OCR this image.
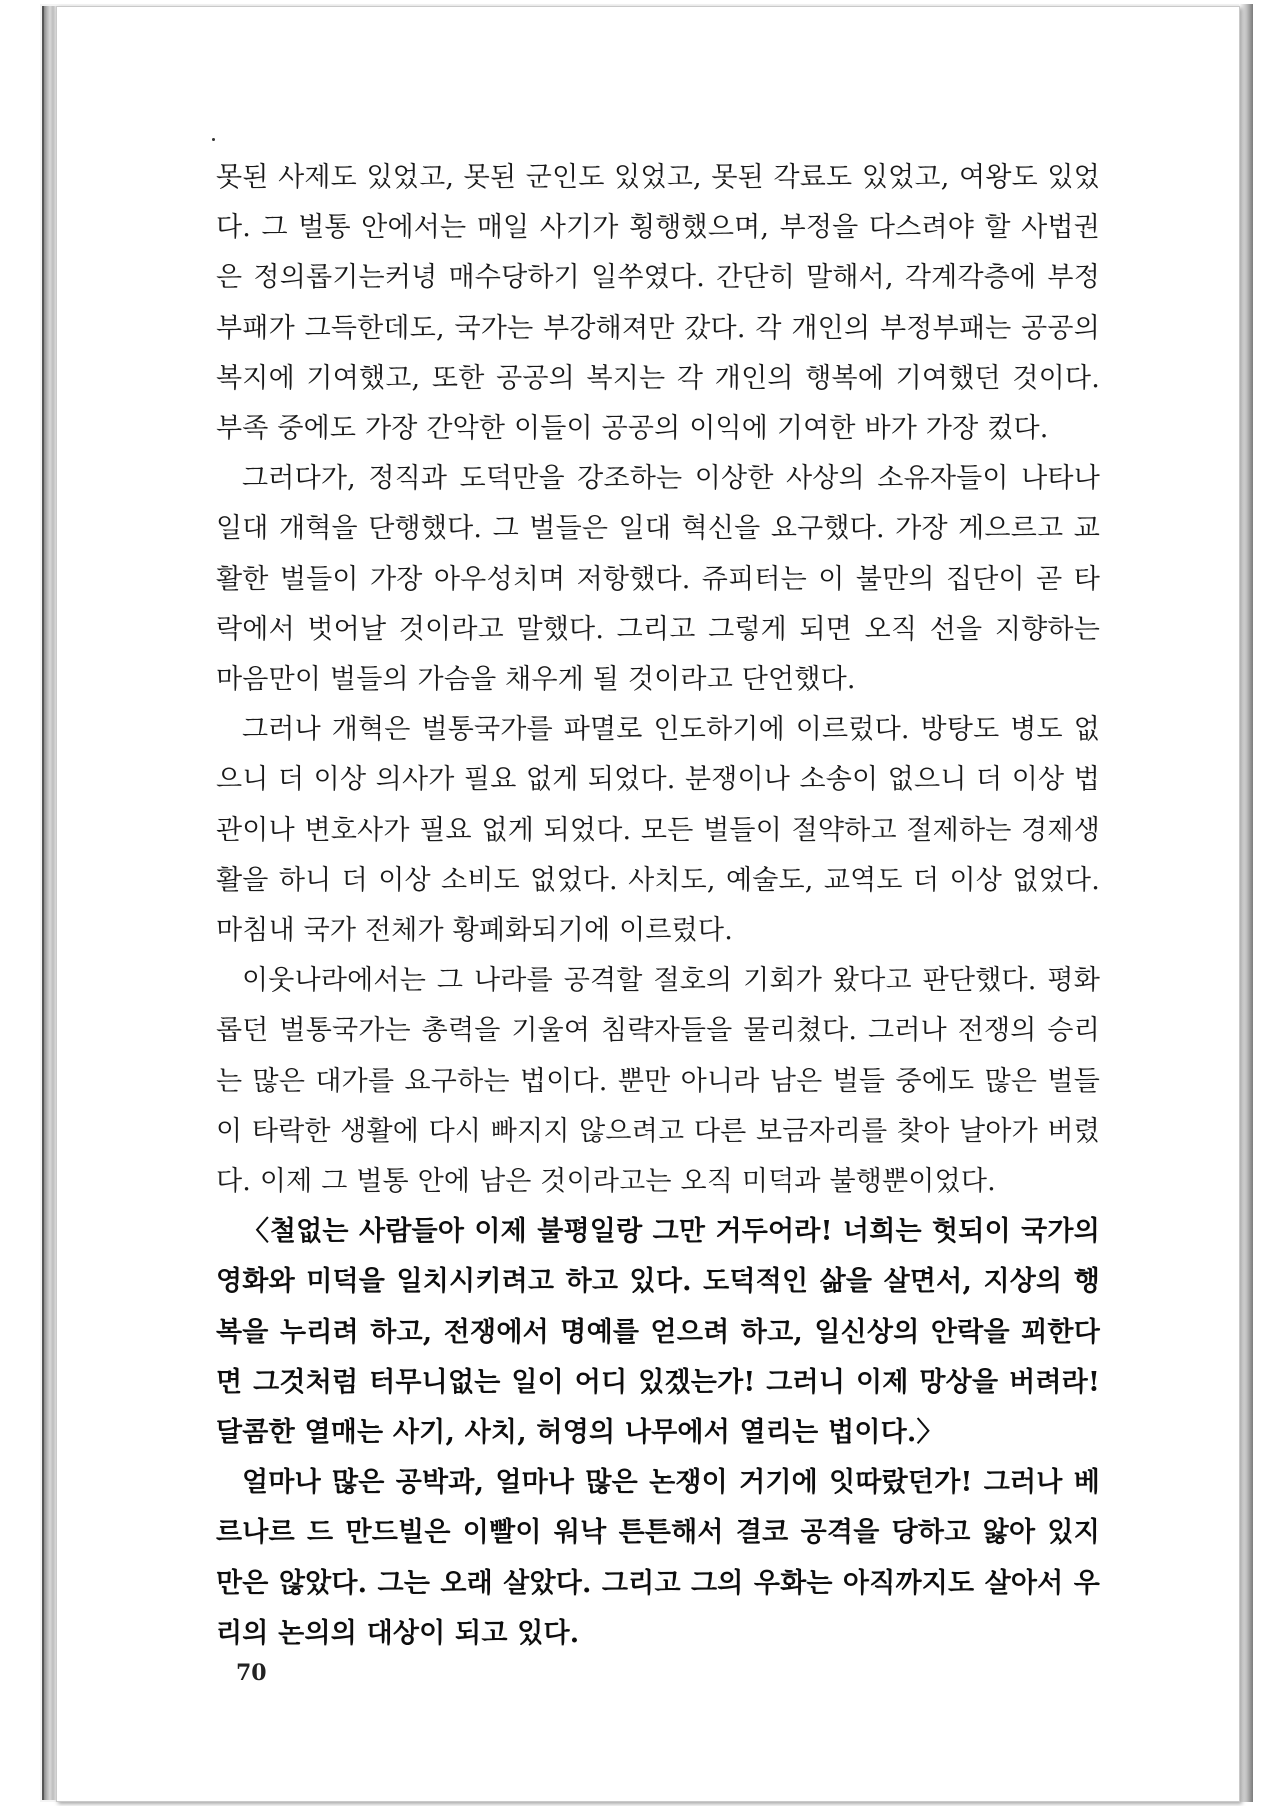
못된 사제도 있었고, 못된 군인도 있었고, 못된 각료도 있었고, 여왕도 있었다. 그 벌통 안에서는 매일 사기가 횡행했으며, 부정을 다스려야 할 사법권은 정의롭기는커녕 매수당하기 일쑤였다. 간단히 말해서, 각계각층에 부정부패가 그득한데도, 국가는 부강해져만 갔다. 각 개인의 부정부패는 공공의 복지에 기여했고, 또한 공공의 복지는 각 개인의 행복에 기여했던 것이다. 부족 중에도 가장 간악한 이들이 공공의 이익에 기여한 바가 가장 컸다.

그러다가, 정직과 도덕만을 강조하는 이상한 사상의 소유자들이 나타나 일대 개혁을 단행했다. 그 벌들은 일대 혁신을 요구했다. 가장 게으르고 교활한 벌들이 가장 아우성치며 저항했다. 쥬피터는 이 불만의 집단이 곧 타락에서 벗어날 것이라고 말했다. 그리고 그렇게 되면 오직 선을 지향하는 마음만이 벌들의 가슴을 채우게 될 것이라고 단언했다.

그러나 개혁은 벌통국가를 파멸로 인도하기에 이르렀다. 방탕도 병도 없으니 더 이상 의사가 필요 없게 되었다. 분쟁이나 소송이 없으니 더 이상 법관이나 변호사가 필요 없게 되었다. 모든 벌들이 절약하고 절제하는 경제생활을 하니 더 이상 소비도 없었다. 사치도, 예술도, 교역도 더 이상 없었다. 마침내 국가 전체가 황폐화되기에 이르렀다.

이웃나라에서는 그 나라를 공격할 절호의 기회가 왔다고 판단했다. 평화롭던 벌통국가는 총력을 기울여 침략자들을 물리쳤다. 그러나 전쟁의 승리는 많은 대가를 요구하는 법이다. 뿐만 아니라 남은 벌들 중에도 많은 벌들이 타락한 생활에 다시 빠지지 않으려고 다른 보금자리를 찾아 날아가 버렸다. 이제 그 벌통 안에 남은 것이라고는 오직 미덕과 불행뿐이었다.

〈철없는 사람들아 이제 불평일랑 그만 거두어라! 너희는 헛되이 국가의 영화와 미덕을 일치시키려고 하고 있다. 도덕적인 삶을 살면서, 지상의 행복을 누리려 하고, 전쟁에서 명예를 얻으려 하고, 일신상의 안락을 꾀한다면 그것처럼 터무니없는 일이 어디 있겠는가! 그러니 이제 망상을 버려라! 달콤한 열매는 사기, 사치, 허영의 나무에서 열리는 법이다.〉

얼마나 많은 공박과, 얼마나 많은 논쟁이 거기에 잇따랐던가! 그러나 베르나르 드 만드빌은 이빨이 워낙 튼튼해서 결코 공격을 당하고 앓아 있지만은 않았다. 그는 오래 살았다. 그리고 그의 우화는 아직까지도 살아서 우리의 논의의 대상이 되고 있다.

70
